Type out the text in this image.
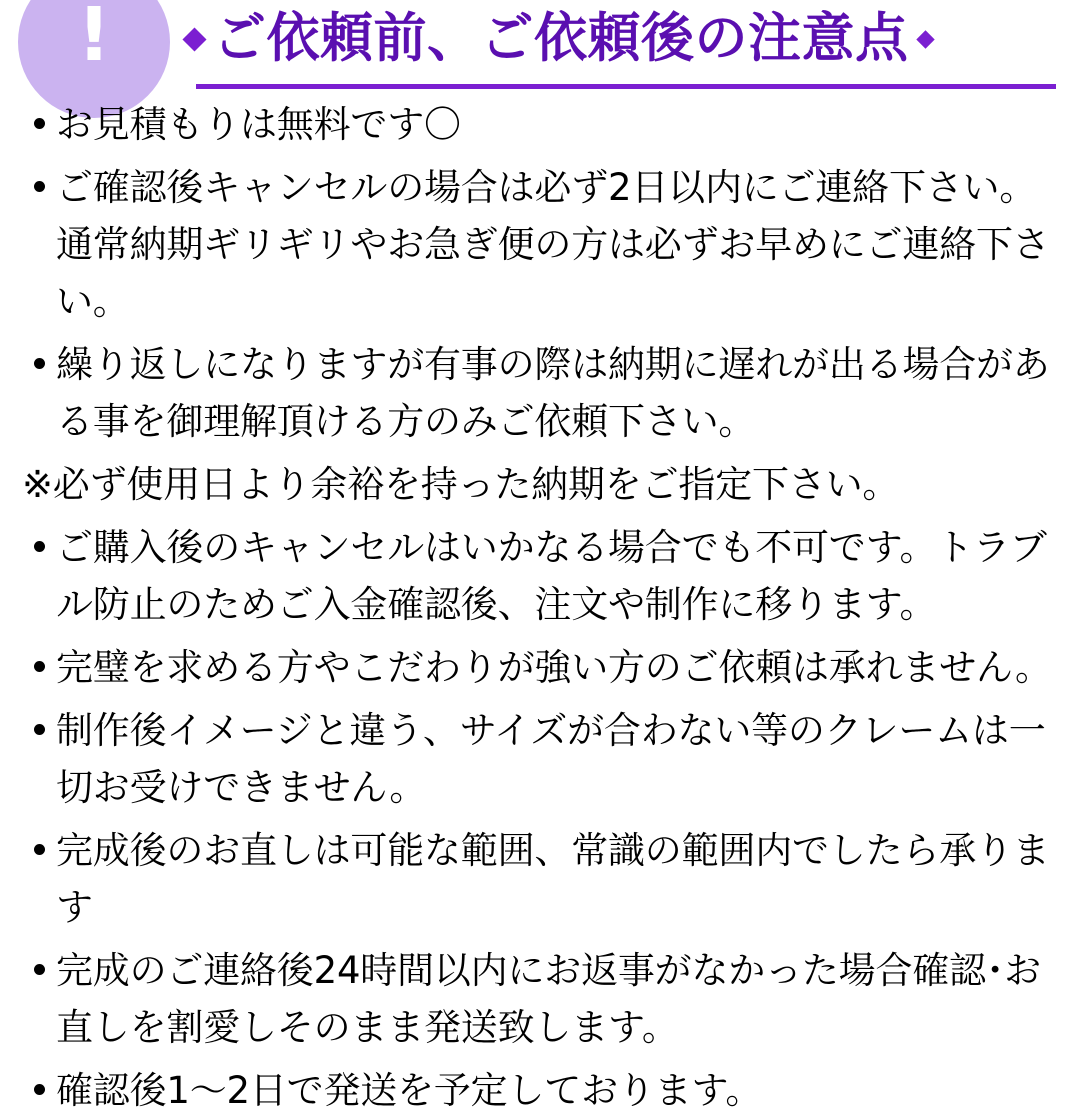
! ご依頼前、ご依頼後の注意点
お見積もりは無料です〇
ご確認後キャンセルの場合は必ず2日以内にご連絡下さい。通常納期ギリギリやお急ぎ便の方は必ずお早めにご連絡下さい。
繰り返しになりますが有事の際は納期に遅れが出る場合がある事を御理解頂ける方のみご依頼下さい。
※必ず使用日より余裕を持った納期をご指定下さい。
ご購入後のキャンセルはいかなる場合でも不可です。トラブル防止のためご入金確認後、注文や制作に移ります。
完璧を求める方やこだわりが強い方のご依頼は承れません。
制作後イメージと違う、サイズが合わない等のクレームは一切お受けできません。
完成後のお直しは可能な範囲、常識の範囲内でしたら承ります
完成のご連絡後24時間以内にお返事がなかった場合確認･お直しを割愛しそのまま発送致します。
確認後1〜2日で発送を予定しております。
